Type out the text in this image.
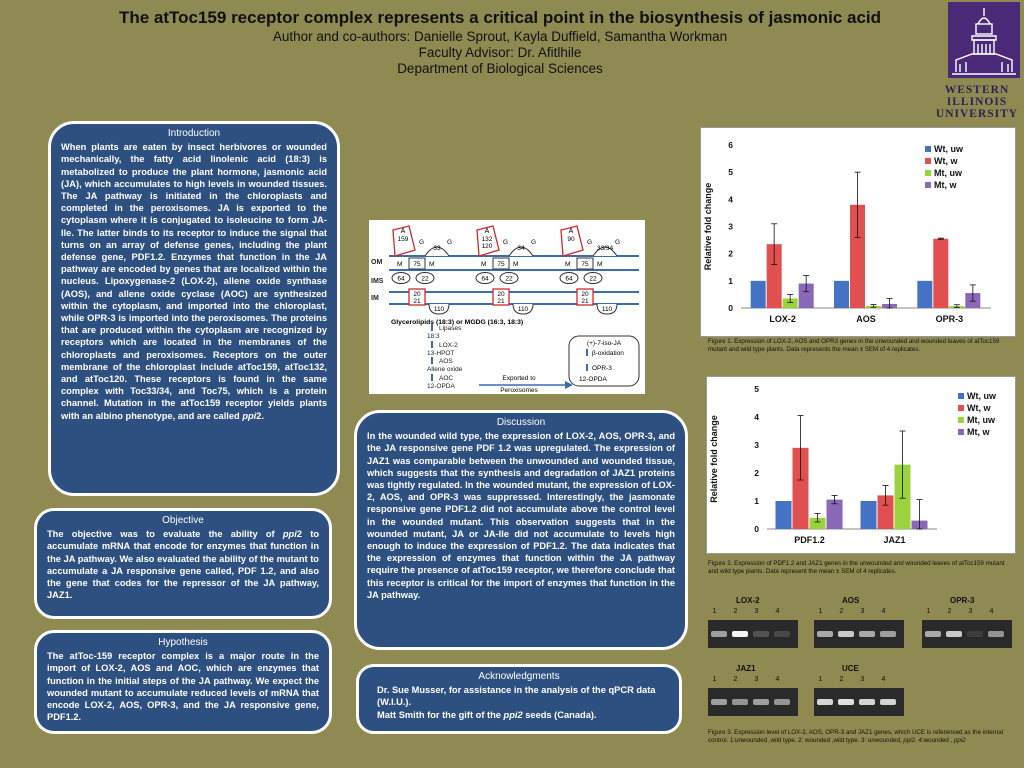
The atToc159 receptor complex represents a critical point in the biosynthesis of jasmonic acid
Author and co-authors: Danielle Sprout, Kayla Duffield, Samantha Workman
Faculty Advisor: Dr. Afitlhile
Department of Biological Sciences
WESTERN
ILLINOIS
UNIVERSITY
Introduction
When plants are eaten by insect herbivores or wounded mechanically, the fatty acid linolenic acid (18:3) is metabolized to produce the plant hormone, jasmonic acid (JA), which accumulates to high levels in wounded tissues. The JA pathway is initiated in the chloroplasts and completed in the peroxisomes. JA is exported to the cytoplasm where it is conjugated to isoleucine to form JA-Ile. The latter binds to its receptor to induce the signal that turns on an array of defense genes, including the plant defense gene, PDF1.2. Enzymes that function in the JA pathway are encoded by genes that are localized within the nucleus. Lipoxygenase-2 (LOX-2), allene oxide synthase (AOS), and allene oxide cyclase (AOC) are synthesized within the cytoplasm, and imported into the chloroplast, while OPR-3 is imported into the peroxisomes. The proteins that are produced within the cytoplasm are recognized by receptors which are located in the membranes of the chloroplasts and peroxisomes. Receptors on the outer membrane of the chloroplast include atToc159, atToc132, and atToc120. These receptors is found in the same complex with Toc33/34, and Toc75, which is a protein channel. Mutation in the atToc159 receptor yields plants with an albino phenotype, and are called ppi2.
Objective
The objective was to evaluate the ability of ppi2 to accumulate mRNA that encode for enzymes that function in the JA pathway. We also evaluated the ability of the mutant to accumulate a JA responsive gene called, PDF 1.2, and also the gene that codes for the repressor of the JA pathway, JAZ1.
Hypothesis
The atToc-159 receptor complex is a major route in the import of LOX-2, AOS and AOC, which are enzymes that function in the initial steps of the JA pathway. We expect the wounded mutant to accumulate reduced levels of mRNA that encode LOX-2, AOS, OPR-3, and the JA responsive gene, PDF1.2.
OM
IMS
IM
A
159 G
33
G
M 75 M
64	22
20
21
110
A
132
120
G
34
G
M 75 M
64	22
20
21
110
A
90 G
33/34
G
M 75 M
64	22
20
21
110
Glycerolipids (18:3) or MGDG (16:3, 18:3)
Lipases
18:3
LOX-2
13-HPOT
AOS
Allene oxide
AOC
12-OPDA
Exported to
Peroxisomes
(+)-7-iso-JA
β-oxidation
OPR-3
12-OPDA
Discussion
In the wounded wild type, the expression of LOX-2, AOS, OPR-3, and the JA responsive gene PDF 1.2 was upregulated. The expression of JAZ1 was comparable between the unwounded and wounded tissue, which suggests that the synthesis and degradation of JAZ1 proteins was tightly regulated. In the wounded mutant, the expression of LOX-2, AOS, and OPR-3 was suppressed. Interestingly, the jasmonate responsive gene PDF1.2 did not accumulate above the control level in the wounded mutant. This observation suggests that in the wounded mutant, JA or JA-Ile did not accumulate to levels high enough to induce the expression of PDF1.2. The data indicates that the expression of enzymes that function within the JA pathway require the presence of atToc159 receptor, we therefore conclude that this receptor is critical for the import of enzymes that function in the JA pathway.
Acknowledgments
Dr. Sue Musser, for assistance in the analysis of the qPCR data (W.I.U.).
Matt Smith for the gift of the ppi2 seeds (Canada).
Relative fold change
0
1
2
3
4
5
6
LOX-2	AOS	OPR-3
Wt, uw
Wt, w
Mt, uw
Mt, w
Figure 1. Expression of LOX-2, AOS and OPR3 genes in the unwounded and wounded leaves of atToc159 mutant and wild type plants. Data represents the mean ± SEM of 4 replicates.
Relative fold change
0
1
2
3
4
5
PDF1.2	JAZ1
Wt, uw
Wt, w
Mt, uw
Mt, w
Figure 2. Expression of PDF1.2 and JAZ1 genes in the unwounded and wounded leaves of atToc159 mutant and wild type plants. Data represent the mean ± SEM of 4 replicates.
LOX-2
1 2 3 4
AOS
1 2 3 4
OPR-3
1 2 3 4
JAZ1
1 2 3 4
UCE
1 2 3 4
Figure 3. Expression level of LOX-2, AOS, OPR-3 and JAZ1 genes, which UCE is referenced as the internal control. 1:unwounded ,wild type. 2: wounded ,wild type. 3: unwounded, ppi2. 4:wounded , ppi2
